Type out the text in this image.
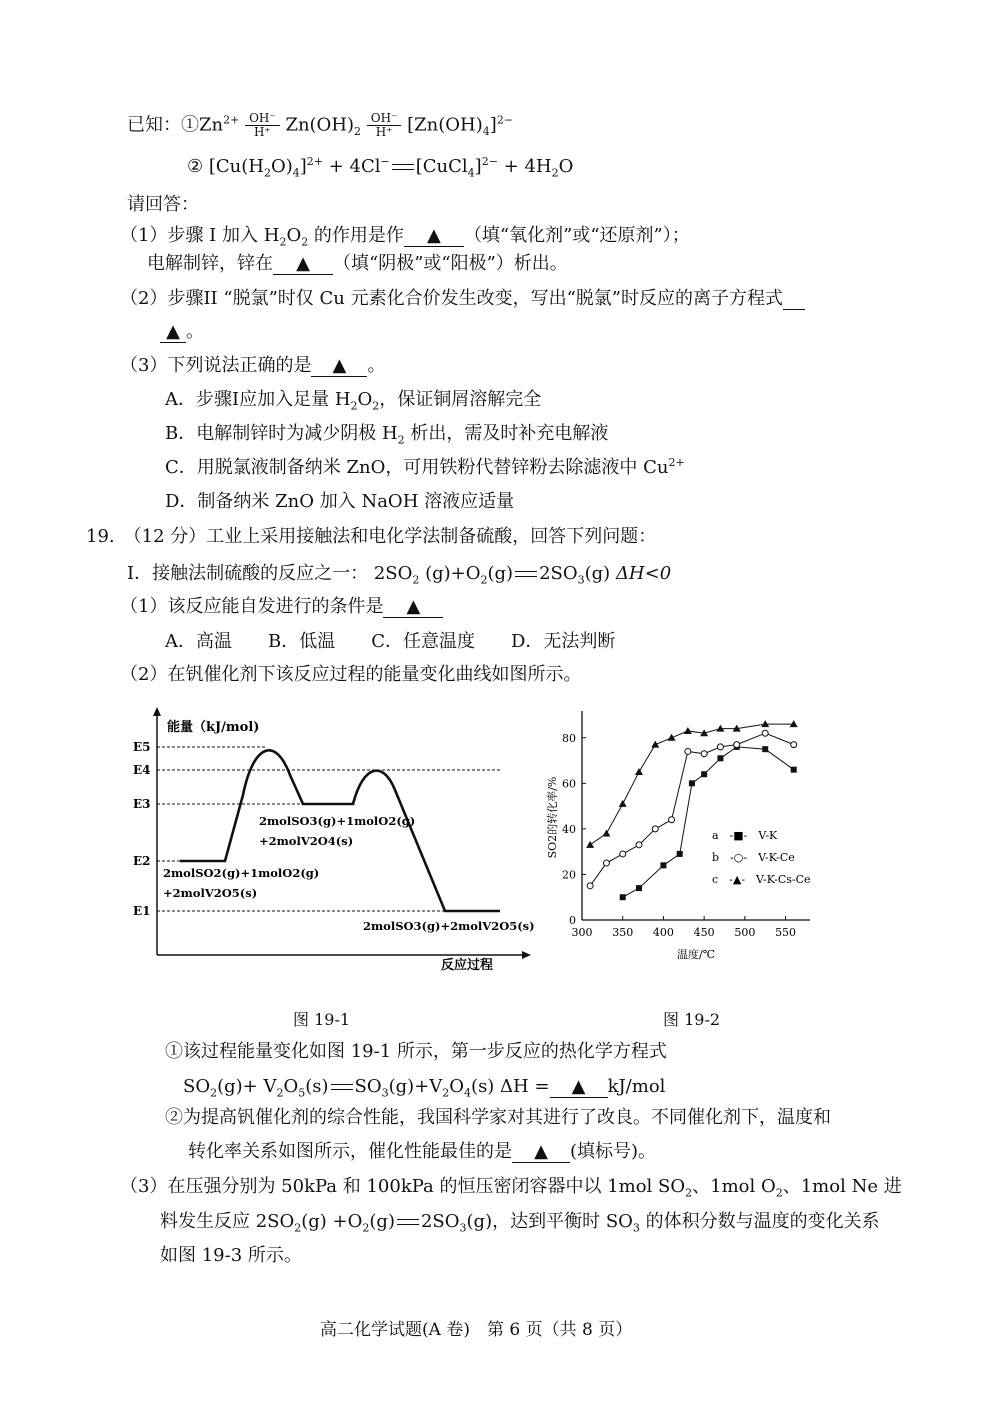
已知：$①Zn^{2+} \frac{OH^-}{H^+} Zn(OH)_2 \frac{OH^-}{H^+} [Zn(OH)_4]^{2-}$
② $[Cu(H_2O)_4]^{2+} + 4Cl^-$ [CuCl$_4$]$^{2-}$ + $4H_2O$
请回答：
（1）步骤 I 加入 $H_2O_2$ 的作用是作 ▲ （填“氧化剂”或“还原剂”）；
电解制锌，锌在 ▲ （填“阴极”或“阳极”）析出。
（2）步骤II “脱氯”时仅 Cu 元素化合价发生改变，写出“脱氯”时反应的离子方程式
▲ 。
（3）下列说法正确的是 ▲ 。
A．步骤I应加入足量 $H_2O_2$，保证铜屑溶解完全
B．电解制锌时为减少阴极 $H_2$ 析出，需及时补充电解液
C．用脱氯液制备纳米 ZnO，可用铁粉代替锌粉去除滤液中 $Cu^{2+}$
D．制备纳米 ZnO 加入 NaOH 溶液应适量
19.　（12 分）工业上采用接触法和电化学法制备硫酸，回答下列问题：
I．接触法制硫酸的反应之一： $2SO_2$ $(g)+O_2(g)$ $2SO_3(g)$ ΔH<0
（1）该反应能自发进行的条件是 ▲
A．高温　　B．低温　　C．任意温度　　D．无法判断
（2）在钒催化剂下该反应过程的能量变化曲线如图所示。
能量（kJ/mol)
反应过程
E5
E4
E3
E2
E1
2molSO3(g)+1molO2(g)
+2molV2O4(s)
2molSO2(g)+1molO2(g)
+2molV2O5(s)
2molSO3(g)+2molV2O5(s)
图 19-1
0
20
40
60
80
300 350 400 450 500 550
温度/℃
SO2的转化率/%	a　-■-　V-K
b　-○-　V-K-Ce
c　-▲-　V-K-Cs-Ce
图 19-2
①该过程能量变化如图 19-1 所示，第一步反应的热化学方程式
$SO_2(g)+ V_2O_5(s)$ $SO_3(g)+V_2O_4(s) \Delta H$ = ▲ kJ/mol
②为提高钒催化剂的综合性能，我国科学家对其进行了改良。不同催化剂下，温度和
转化率关系如图所示，催化性能最佳的是 ▲ (填标号)。
（3）在压强分别为 50kPa 和 100kPa 的恒压密闭容器中以 1mol $SO_2$、1mol $O_2$、1mol Ne 进
料发生反应 $2SO_2(g) +O_2(g)$ $2SO_3(g)$，达到平衡时 $SO_3$ 的体积分数与温度的变化关系
如图 19-3 所示。
高二化学试题(A 卷)　第 6 页（共 8 页）
